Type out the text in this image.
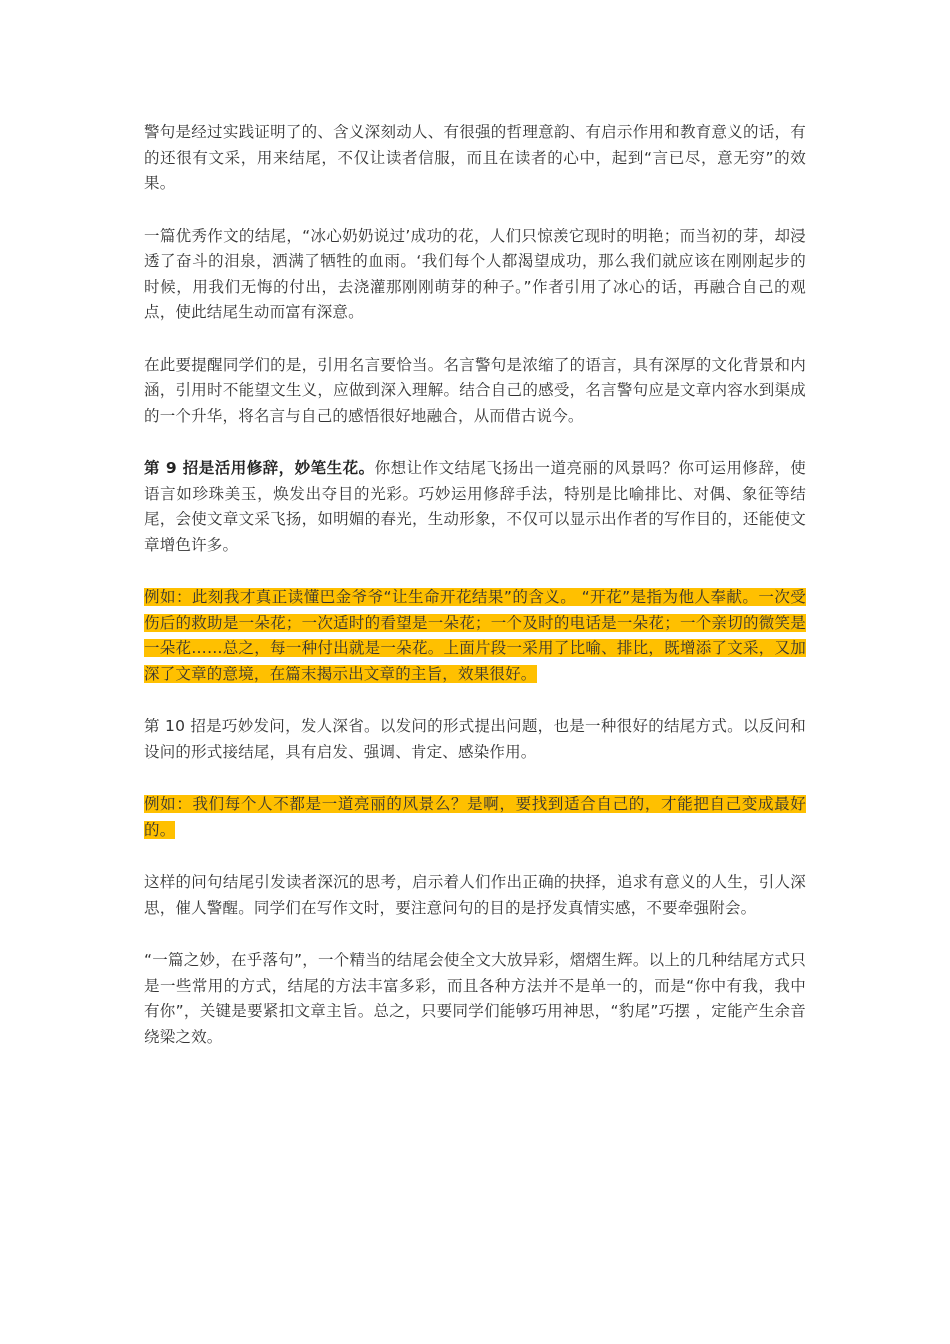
警句是经过实践证明了的、含义深刻动人、有很强的哲理意韵、有启示作用和教育意义的话，有的还很有文采，用来结尾，不仅让读者信服，而且在读者的心中，起到“言已尽，意无穷”的效果。

一篇优秀作文的结尾，“冰心奶奶说过’成功的花，人们只惊羡它现时的明艳；而当初的芽，却浸透了奋斗的泪泉，洒满了牺牲的血雨。‘我们每个人都渴望成功，那么我们就应该在刚刚起步的时候，用我们无悔的付出，去浇灌那刚刚萌芽的种子。”作者引用了冰心的话，再融合自己的观点，使此结尾生动而富有深意。

在此要提醒同学们的是，引用名言要恰当。名言警句是浓缩了的语言，具有深厚的文化背景和内涵，引用时不能望文生义，应做到深入理解。结合自己的感受，名言警句应是文章内容水到渠成的一个升华，将名言与自己的感悟很好地融合，从而借古说今。

第 9 招是活用修辞，妙笔生花。你想让作文结尾飞扬出一道亮丽的风景吗？你可运用修辞，使语言如珍珠美玉，焕发出夺目的光彩。巧妙运用修辞手法，特别是比喻排比、对偶、象征等结尾，会使文章文采飞扬，如明媚的春光，生动形象，不仅可以显示出作者的写作目的，还能使文章增色许多。

例如：此刻我才真正读懂巴金爷爷“让生命开花结果”的含义。 “开花”是指为他人奉献。一次受伤后的救助是一朵花；一次适时的看望是一朵花；一个及时的电话是一朵花；一个亲切的微笑是一朵花……总之，每一种付出就是一朵花。上面片段一采用了比喻、排比，既增添了文采，又加深了文章的意境，在篇末揭示出文章的主旨，效果很好。

第 10 招是巧妙发问，发人深省。以发问的形式提出问题，也是一种很好的结尾方式。以反问和设问的形式接结尾，具有启发、强调、肯定、感染作用。

例如：我们每个人不都是一道亮丽的风景么？是啊，要找到适合自己的，才能把自己变成最好的。

这样的问句结尾引发读者深沉的思考，启示着人们作出正确的抉择，追求有意义的人生，引人深思，催人警醒。同学们在写作文时，要注意问句的目的是抒发真情实感，不要牵强附会。

“一篇之妙，在乎落句”，一个精当的结尾会使全文大放异彩，熠熠生辉。以上的几种结尾方式只是一些常用的方式，结尾的方法丰富多彩，而且各种方法并不是单一的，而是“你中有我，我中有你”，关键是要紧扣文章主旨。总之，只要同学们能够巧用神思，“豹尾”巧摆 ，定能产生余音绕梁之效。
